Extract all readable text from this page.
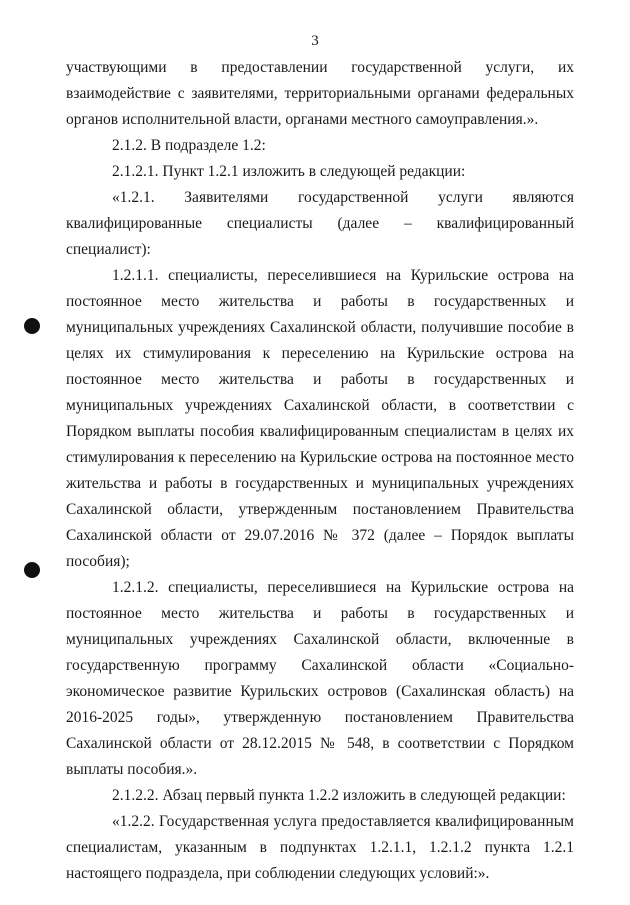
3

участвующими в предоставлении государственной услуги, их взаимодействие с заявителями, территориальными органами федеральных органов исполнительной власти, органами местного самоуправления.».

2.1.2. В подразделе 1.2:

2.1.2.1. Пункт 1.2.1 изложить в следующей редакции:

«1.2.1. Заявителями государственной услуги являются квалифицированные специалисты (далее – квалифицированный специалист):

1.2.1.1. специалисты, переселившиеся на Курильские острова на постоянное место жительства и работы в государственных и муниципальных учреждениях Сахалинской области, получившие пособие в целях их стимулирования к переселению на Курильские острова на постоянное место жительства и работы в государственных и муниципальных учреждениях Сахалинской области, в соответствии с Порядком выплаты пособия квалифицированным специалистам в целях их стимулирования к переселению на Курильские острова на постоянное место жительства и работы в государственных и муниципальных учреждениях Сахалинской области, утвержденным постановлением Правительства Сахалинской области от 29.07.2016 № 372 (далее – Порядок выплаты пособия);

1.2.1.2. специалисты, переселившиеся на Курильские острова на постоянное место жительства и работы в государственных и муниципальных учреждениях Сахалинской области, включенные в государственную программу Сахалинской области «Социально-экономическое развитие Курильских островов (Сахалинская область) на 2016-2025 годы», утвержденную постановлением Правительства Сахалинской области от 28.12.2015 № 548, в соответствии с Порядком выплаты пособия.».

2.1.2.2. Абзац первый пункта 1.2.2 изложить в следующей редакции:

«1.2.2. Государственная услуга предоставляется квалифицированным специалистам, указанным в подпунктах 1.2.1.1, 1.2.1.2 пункта 1.2.1 настоящего подраздела, при соблюдении следующих условий:».
